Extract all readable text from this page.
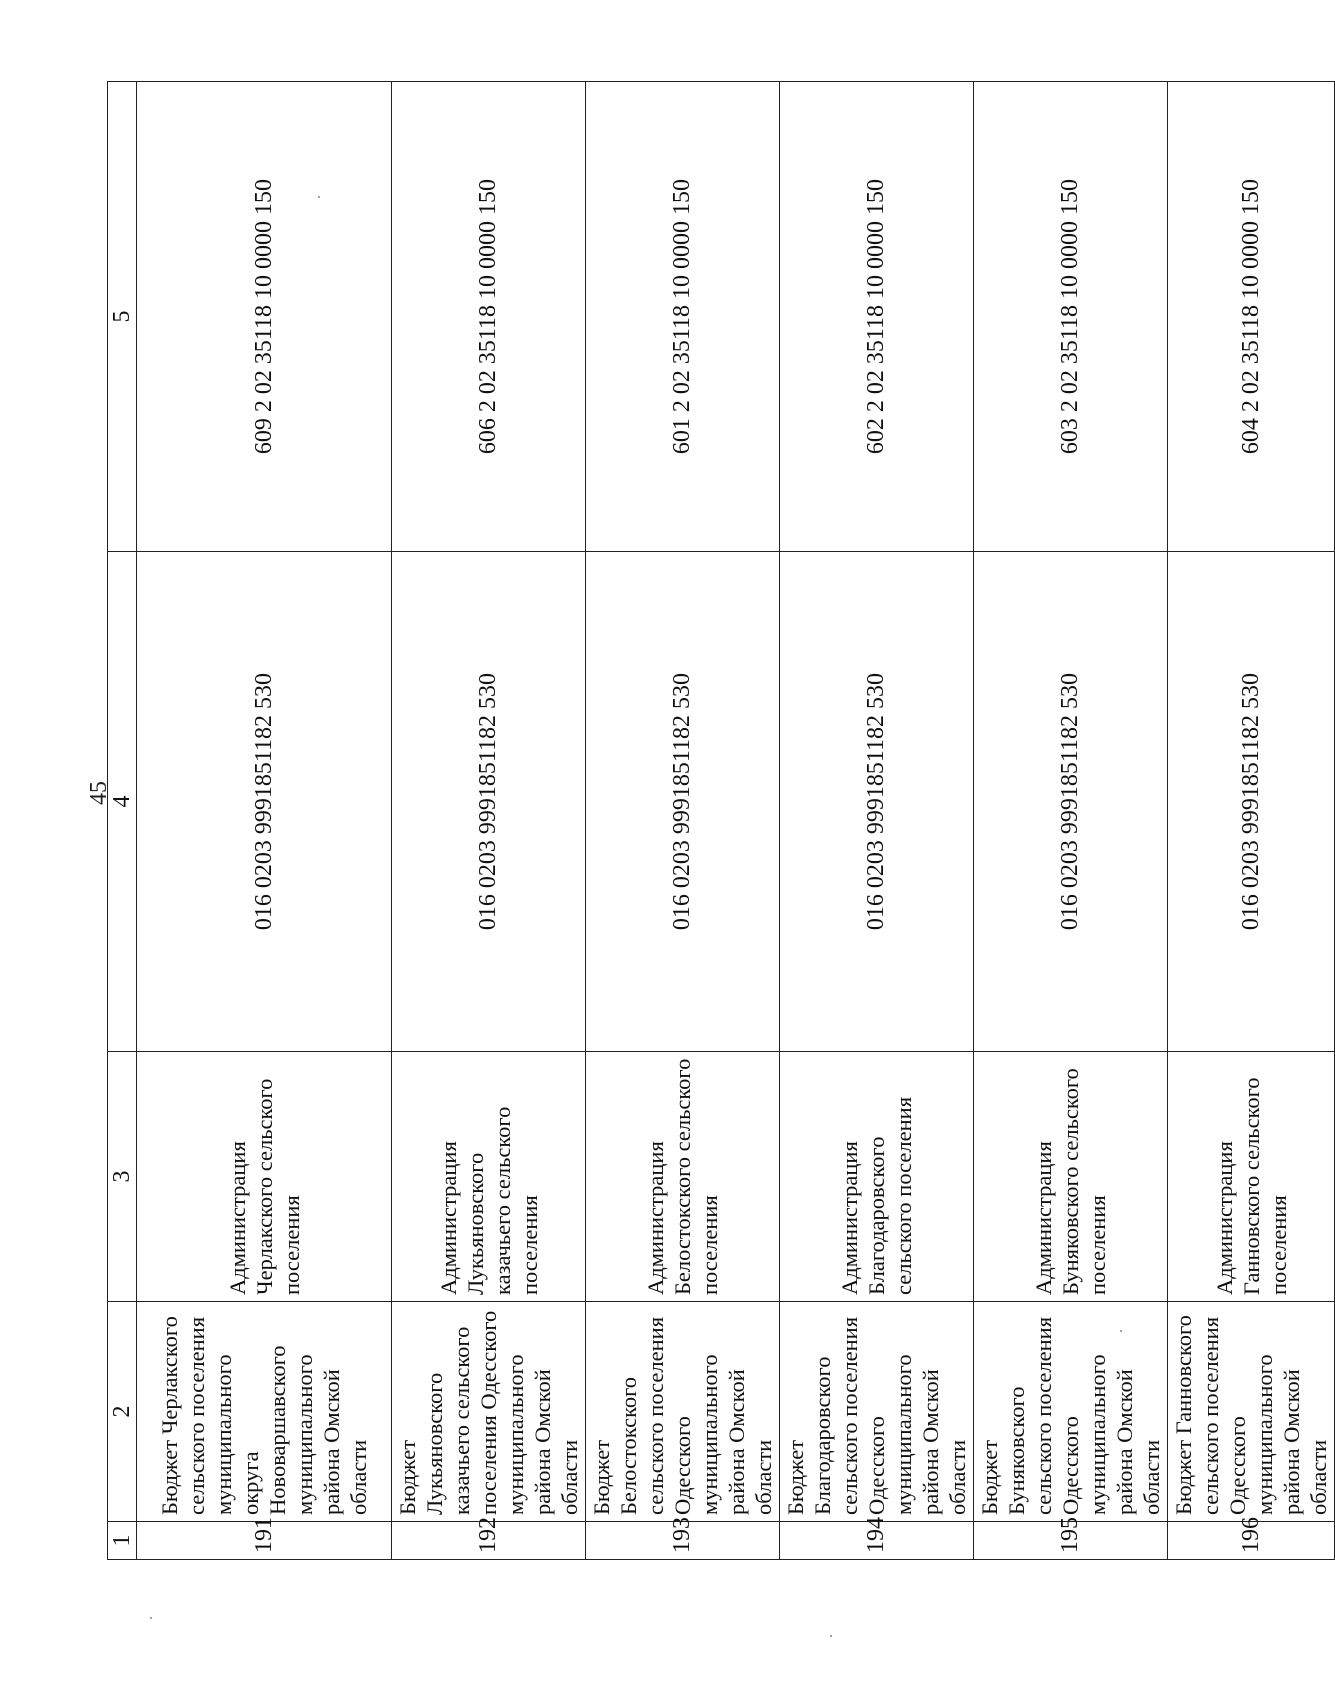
45
1	2	3	4	5
191	Бюджет Черлакского сельского поселения муниципального округа Нововаршавского муниципального района Омской области	Администрация Черлакского сельского поселения	016 0203 9991851182 530	609 2 02 35118 10 0000 150
192	Бюджет Лукьяновского казачьего сельского поселения Одесского муниципального района Омской области	Администрация Лукьяновского казачьего сельского поселения	016 0203 9991851182 530	606 2 02 35118 10 0000 150
193	Бюджет Белостокского сельского поселения Одесского муниципального района Омской области	Администрация Белостокского сельского поселения	016 0203 9991851182 530	601 2 02 35118 10 0000 150
194	Бюджет Благодаровского сельского поселения Одесского муниципального района Омской области	Администрация Благодаровского сельского поселения	016 0203 9991851182 530	602 2 02 35118 10 0000 150
195	Бюджет Буняковского сельского поселения Одесского муниципального района Омской области	Администрация Буняковского сельского поселения	016 0203 9991851182 530	603 2 02 35118 10 0000 150
196	Бюджет Ганновского сельского поселения Одесского муниципального района Омской области	Администрация Ганновского сельского поселения	016 0203 9991851182 530	604 2 02 35118 10 0000 150
